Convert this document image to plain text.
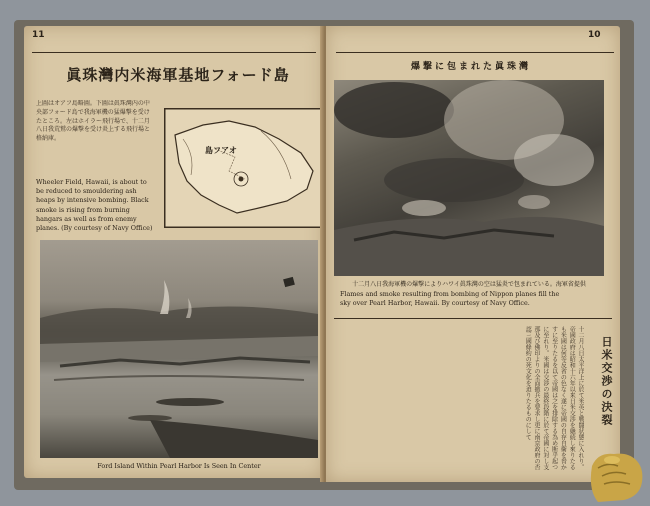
11
眞珠灣内米海軍基地フォード島
上圖はオアフ島略圖。下圖は眞珠灣内の中央部フォード島で我海軍機の猛爆撃を受けたところ。左はホイラー飛行場で、十二月八日我荒鷲の爆撃を受け炎上する飛行場と格納庫。
Wheeler Field, Hawaii, is about to be reduced to smouldering ash heaps by intensive bombing. Black smoke is rising from burning hangars as well as from enemy planes. (By courtesy of Navy Office)
島フアオ
Ford Island Within Pearl Harbor Is Seen In Center
10
爆撃に包まれた眞珠灣
十二月八日我海軍機の爆撃によりハワイ眞珠灣の空は猛炎で包まれている。海軍省提供
Flames and smoke resulting from bombing of Nippon planes fill the sky over Pearl Harbor, Hawaii. By courtesy of Navy Office.
日米交渉の決裂
十二月八日太平洋上に於て米英と戦闘状態に入れり。帝國政府は昭和十六年以来日米交渉を継続し來りたるも米國は何等反省の色なく遂に帝國の自存自衛を脅かすに至りたるを以て帝國は之を排除する為め断乎起つに至れり。米國は交渉の最終段階に於て帝國に対し支那及び佛印よりの全面撤兵を要求し更に南京政府の否認三國條約の死文化を迫りたるものにして
